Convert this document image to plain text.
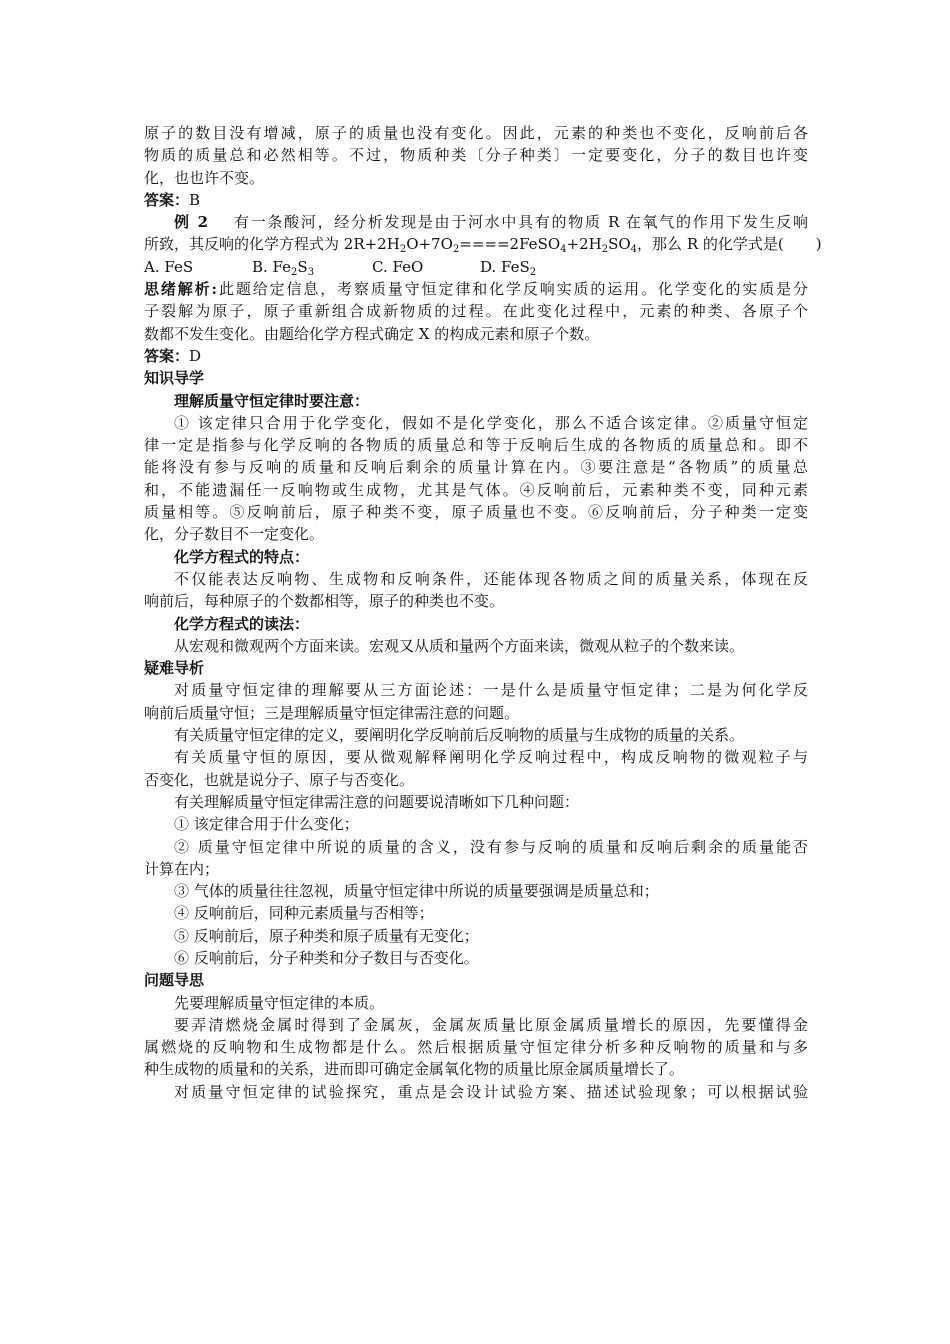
原子的数目没有增减，原子的质量也没有变化。因此，元素的种类也不变化，反响前后各
物质的质量总和必然相等。不过，物质种类〔分子种类〕一定要变化，分子的数目也许变
化，也也许不变。
答案：B
例 2 有一条酸河，经分析发现是由于河水中具有的物质 R 在氧气的作用下发生反响
所致，其反响的化学方程式为 $2R+2H_2O+7O_2====2FeSO_4+2H_2SO_4$，那么 R 的化学式是( )
A. FeS	B. $Fe_2S_3$	C. FeO	D. FeS$_2$
思绪解析:此题给定信息，考察质量守恒定律和化学反响实质的运用。化学变化的实质是分
子裂解为原子，原子重新组合成新物质的过程。在此变化过程中，元素的种类、各原子个
数都不发生变化。由题给化学方程式确定 X 的构成元素和原子个数。
答案：D
知识导学
理解质量守恒定律时要注意：
① 该定律只合用于化学变化，假如不是化学变化，那么不适合该定律。②质量守恒定
律一定是指参与化学反响的各物质的质量总和等于反响后生成的各物质的质量总和。即不
能将没有参与反响的质量和反响后剩余的质量计算在内。③要注意是“各物质”的质量总
和，不能遗漏任一反响物或生成物，尤其是气体。④反响前后，元素种类不变，同种元素
质量相等。⑤反响前后，原子种类不变，原子质量也不变。⑥反响前后，分子种类一定变
化，分子数目不一定变化。
化学方程式的特点：
不仅能表达反响物、生成物和反响条件，还能体现各物质之间的质量关系，体现在反
响前后，每种原子的个数都相等，原子的种类也不变。
化学方程式的读法：
从宏观和微观两个方面来读。宏观又从质和量两个方面来读，微观从粒子的个数来读。
疑难导析
对质量守恒定律的理解要从三方面论述：一是什么是质量守恒定律；二是为何化学反
响前后质量守恒；三是理解质量守恒定律需注意的问题。
有关质量守恒定律的定义，要阐明化学反响前后反响物的质量与生成物的质量的关系。
有关质量守恒的原因，要从微观解释阐明化学反响过程中，构成反响物的微观粒子与
否变化，也就是说分子、原子与否变化。
有关理解质量守恒定律需注意的问题要说清晰如下几种问题：
① 该定律合用于什么变化；
② 质量守恒定律中所说的质量的含义，没有参与反响的质量和反响后剩余的质量能否
计算在内；
③ 气体的质量往往忽视，质量守恒定律中所说的质量要强调是质量总和；
④ 反响前后，同种元素质量与否相等；
⑤ 反响前后，原子种类和原子质量有无变化；
⑥ 反响前后，分子种类和分子数目与否变化。
问题导思
先要理解质量守恒定律的本质。
要弄清燃烧金属时得到了金属灰，金属灰质量比原金属质量增长的原因，先要懂得金
属燃烧的反响物和生成物都是什么。然后根据质量守恒定律分析多种反响物的质量和与多
种生成物的质量和的关系，进而即可确定金属氧化物的质量比原金属质量增长了。
对质量守恒定律的试验探究，重点是会设计试验方案、描述试验现象；可以根据试验
